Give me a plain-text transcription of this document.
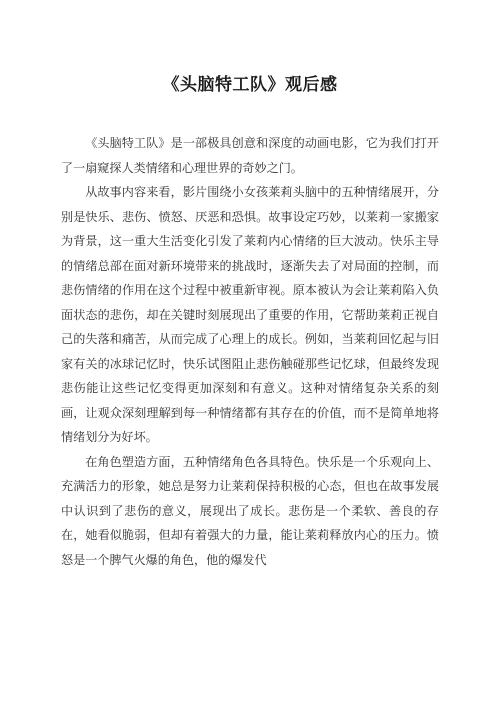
《头脑特工队》观后感

《头脑特工队》是一部极具创意和深度的动画电影，它为我们打开了一扇窥探人类情绪和心理世界的奇妙之门。

从故事内容来看，影片围绕小女孩莱莉头脑中的五种情绪展开，分别是快乐、悲伤、愤怒、厌恶和恐惧。故事设定巧妙，以莱莉一家搬家为背景，这一重大生活变化引发了莱莉内心情绪的巨大波动。快乐主导的情绪总部在面对新环境带来的挑战时，逐渐失去了对局面的控制，而悲伤情绪的作用在这个过程中被重新审视。原本被认为会让莱莉陷入负面状态的悲伤，却在关键时刻展现出了重要的作用，它帮助莱莉正视自己的失落和痛苦，从而完成了心理上的成长。例如，当莱莉回忆起与旧家有关的冰球记忆时，快乐试图阻止悲伤触碰那些记忆球，但最终发现悲伤能让这些记忆变得更加深刻和有意义。这种对情绪复杂关系的刻画，让观众深刻理解到每一种情绪都有其存在的价值，而不是简单地将情绪划分为好坏。

在角色塑造方面，五种情绪角色各具特色。快乐是一个乐观向上、充满活力的形象，她总是努力让莱莉保持积极的心态，但也在故事发展中认识到了悲伤的意义，展现出了成长。悲伤是一个柔软、善良的存在，她看似脆弱，但却有着强大的力量，能让莱莉释放内心的压力。愤怒是一个脾气火爆的角色，他的爆发代
